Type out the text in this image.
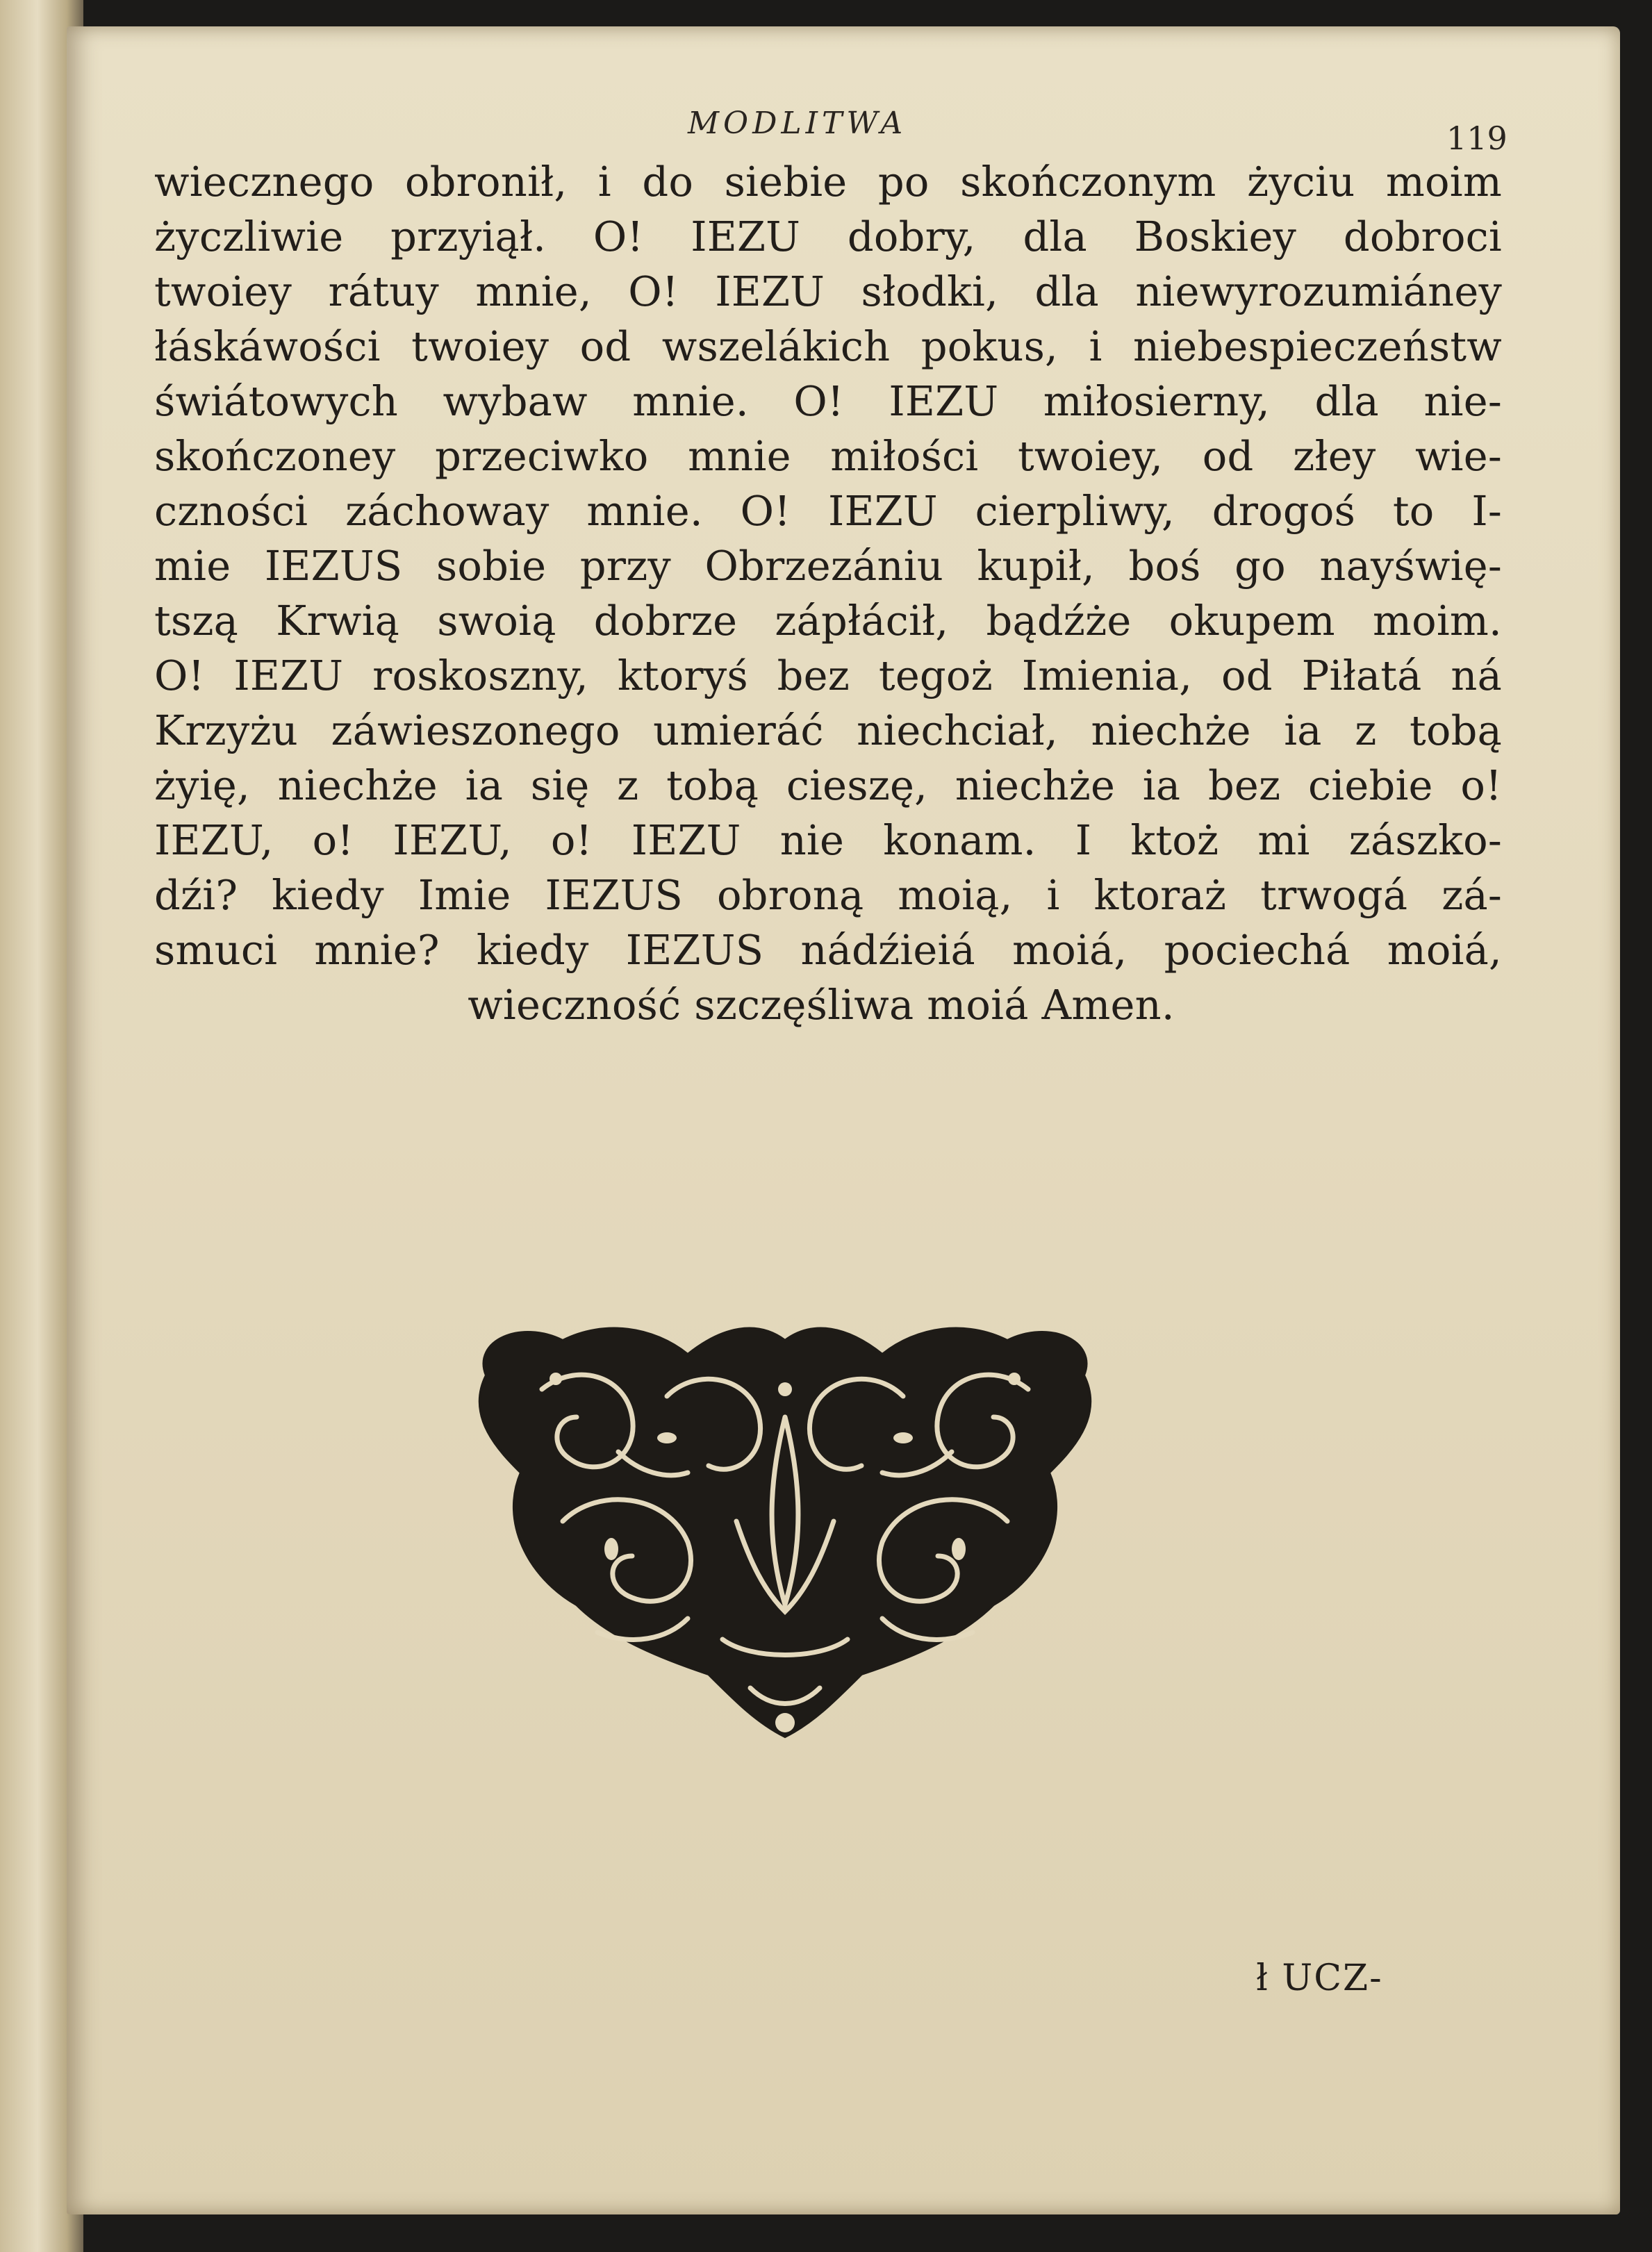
MODLITWA	119
wiecznego obronił, i do siebie po skończonym życiu moim
życzliwie przyiął. O! IEZU dobry, dla Boskiey dobroci
twoiey rátuy mnie, O! IEZU słodki, dla niewyrozumiáney
łáskáwości twoiey od wszelákich pokus, i niebespieczeństw
świátowych wybaw mnie. O! IEZU miłosierny, dla nie-
skończoney przeciwko mnie miłości twoiey, od złey wie-
czności záchoway mnie. O! IEZU cierpliwy, drogoś to I-
mie IEZUS sobie przy Obrzezániu kupił, boś go nayświę-
tszą Krwią swoią dobrze zápłácił, bądźże okupem moim.
O! IEZU roskoszny, ktoryś bez tegoż Imienia, od Piłatá ná
Krzyżu záwieszonego umieráć niechciał, niechże ia z tobą
żyię, niechże ia się z tobą cieszę, niechże ia bez ciebie o!
IEZU, o! IEZU, o! IEZU nie konam. I ktoż mi zászko-
dźi? kiedy Imie IEZUS obroną moią, i ktoraż trwogá zá-
smuci mnie? kiedy IEZUS nádźieiá moiá, pociechá moiá,
wieczność szczęśliwa moiá Amen.
ł UCZ-
